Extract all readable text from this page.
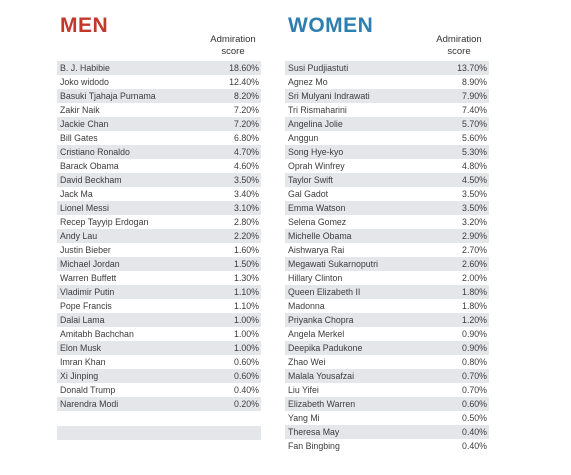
MEN
Admiration score
B. J. Habibie	18.60%
Joko widodo	12.40%
Basuki Tjahaja Purnama	8.20%
Zakir Naik	7.20%
Jackie Chan	7.20%
Bill Gates	6.80%
Cristiano Ronaldo	4.70%
Barack Obama	4.60%
David Beckham	3.50%
Jack Ma	3.40%
Lionel Messi	3.10%
Recep Tayyip Erdogan	2.80%
Andy Lau	2.20%
Justin Bieber	1.60%
Michael Jordan	1.50%
Warren Buffett	1.30%
Vladimir Putin	1.10%
Pope Francis	1.10%
Dalai Lama	1.00%
Amitabh Bachchan	1.00%
Elon Musk	1.00%
Imran Khan	0.60%
Xi Jinping	0.60%
Donald Trump	0.40%
Narendra Modi	0.20%
WOMEN
Admiration score
Susi Pudjiastuti	13.70%
Agnez Mo	8.90%
Sri Mulyani Indrawati	7.90%
Tri Rismaharini	7.40%
Angelina Jolie	5.70%
Anggun	5.60%
Song Hye-kyo	5.30%
Oprah Winfrey	4.80%
Taylor Swift	4.50%
Gal Gadot	3.50%
Emma Watson	3.50%
Selena Gomez	3.20%
Michelle Obama	2.90%
Aishwarya Rai	2.70%
Megawati Sukarnoputri	2.60%
Hillary Clinton	2.00%
Queen Elizabeth II	1.80%
Madonna	1.80%
Priyanka Chopra	1.20%
Angela Merkel	0.90%
Deepika Padukone	0.90%
Zhao Wei	0.80%
Malala Yousafzai	0.70%
Liu Yifei	0.70%
Elizabeth Warren	0.60%
Yang Mi	0.50%
Theresa May	0.40%
Fan Bingbing	0.40%
